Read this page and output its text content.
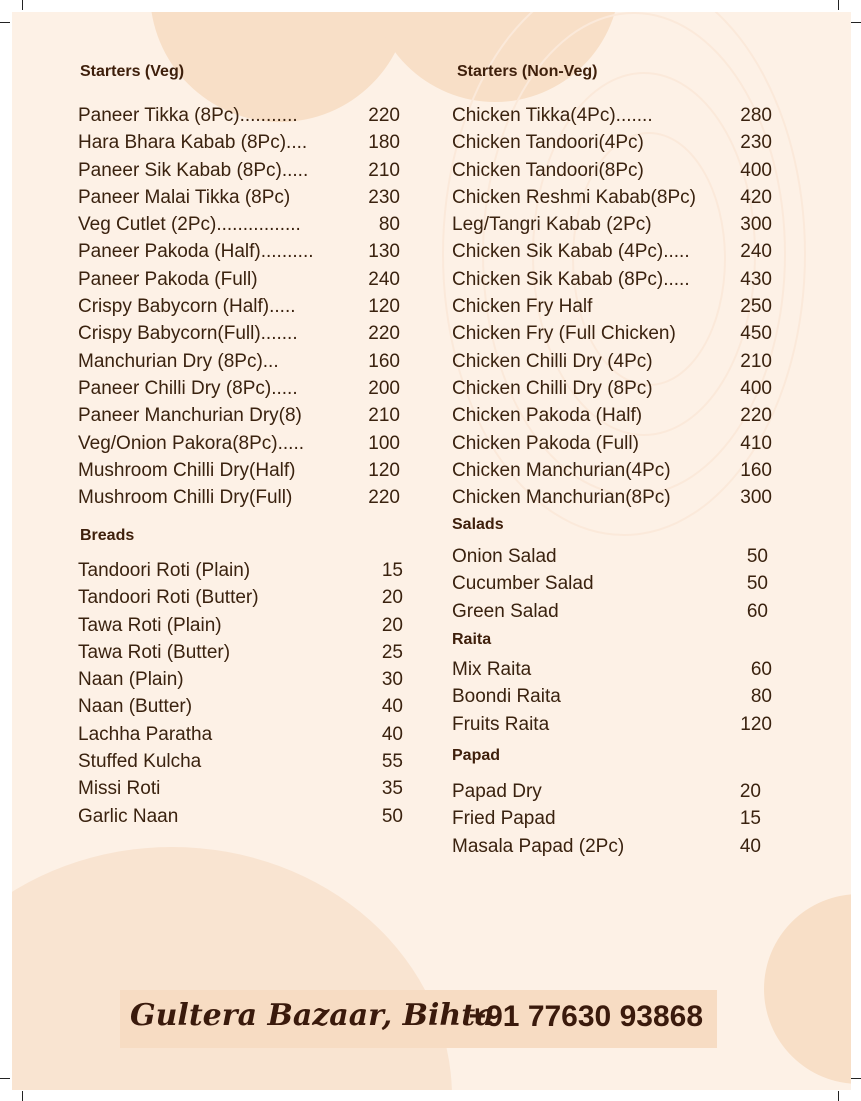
Starters (Veg)
Paneer Tikka (8Pc)...........	220
Hara Bhara Kabab (8Pc)....	180
Paneer Sik Kabab (8Pc).....	210
Paneer Malai Tikka (8Pc)	230
Veg Cutlet (2Pc)................	80
Paneer Pakoda (Half)..........	130
Paneer Pakoda (Full)	240
Crispy Babycorn (Half).....	120
Crispy Babycorn(Full).......	220
Manchurian Dry (8Pc)...	160
Paneer Chilli Dry (8Pc).....	200
Paneer Manchurian Dry(8)	210
Veg/Onion Pakora(8Pc).....	100
Mushroom Chilli Dry(Half)	120
Mushroom Chilli Dry(Full)	220
Breads
Tandoori Roti (Plain)	15
Tandoori Roti (Butter)	20
Tawa Roti (Plain)	20
Tawa Roti (Butter)	25
Naan (Plain)	30
Naan (Butter)	40
Lachha Paratha	40
Stuffed Kulcha	55
Missi Roti	35
Garlic Naan	50
Starters (Non-Veg)
Chicken Tikka(4Pc).......	280
Chicken Tandoori(4Pc)	230
Chicken Tandoori(8Pc)	400
Chicken Reshmi Kabab(8Pc) 420
Leg/Tangri Kabab (2Pc)	300
Chicken Sik Kabab (4Pc).....	240
Chicken Sik Kabab (8Pc).....	430
Chicken Fry Half	250
Chicken Fry (Full Chicken)	450
Chicken Chilli Dry (4Pc)	210
Chicken Chilli Dry (8Pc)	400
Chicken Pakoda (Half)	220
Chicken Pakoda (Full)	410
Chicken Manchurian(4Pc)	160
Chicken Manchurian(8Pc)	300
Salads
Onion Salad	50
Cucumber Salad	50
Green Salad	60
Raita
Mix Raita	60
Boondi Raita	80
Fruits Raita	120
Papad
Papad Dry	20
Fried Papad	15
Masala Papad (2Pc)	40
Gultera Bazaar, Bihta
+91 77630 93868
